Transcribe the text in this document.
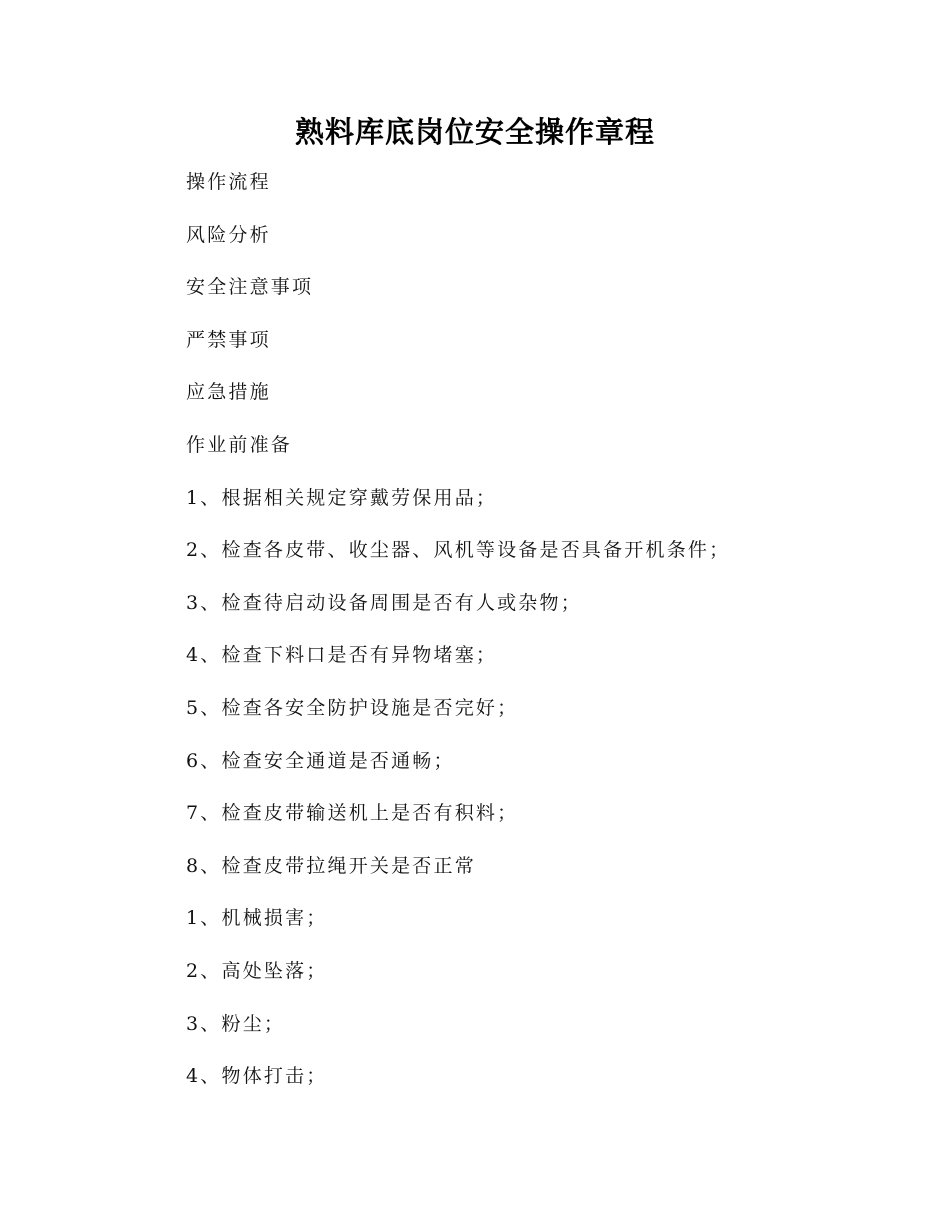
熟料库底岗位安全操作章程
操作流程
风险分析
安全注意事项
严禁事项
应急措施
作业前准备
1、根据相关规定穿戴劳保用品；
2、检查各皮带、收尘器、风机等设备是否具备开机条件；
3、检查待启动设备周围是否有人或杂物；
4、检查下料口是否有异物堵塞；
5、检查各安全防护设施是否完好；
6、检查安全通道是否通畅；
7、检查皮带输送机上是否有积料；
8、检查皮带拉绳开关是否正常
1、机械损害；
2、高处坠落；
3、粉尘；
4、物体打击；
